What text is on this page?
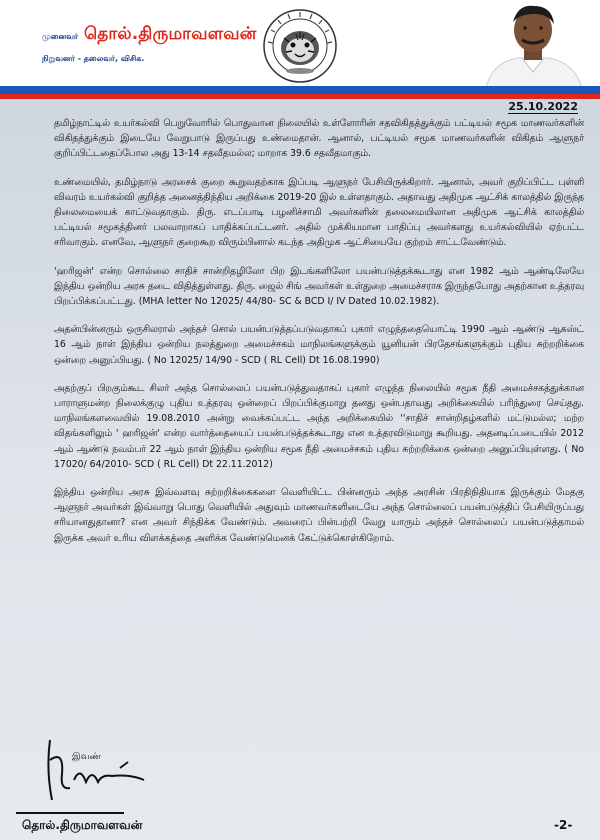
முனைவர் தொல்.திருமாவளவன்
நிறுவனர் - தலைவர், விசிக.
25.10.2022

தமிழ்நாட்டில் உயர்கல்வி பெறுவோரில் பொதுவான நிலையில் உள்ளோரின் சதவிகிதத்துக்கும் பட்டியல் சமூக மாணவர்களின் விகிதத்துக்கும் இடையே வேறுபாடு இருப்பது உண்மைதான். ஆனால், பட்டியல் சமூக மாணவர்களின் விகிதம் ஆளுநர் குறிப்பிட்டதைப்போல அது 13-14 சதவீதமல்ல; மாறாக 39.6 சதவீதமாகும்.

உண்மையில், தமிழ்நாடு அரசைக் குறை கூறுவதற்காக இப்படி ஆளுநர் பேசியிருக்கிறார். ஆனால், அவர் குறிப்பிட்ட புள்ளி விவரம் உயர்கல்வி குறித்த அனைத்திந்திய அறிக்கை 2019-20 இல் உள்ளதாகும். அதாவது அதிமுக ஆட்சிக் காலத்தில் இருந்த நிலைமையைக் காட்டுவதாகும். திரு. எடப்பாடி பழனிச்சாமி அவர்களின் தலைமையிலான அதிமுக ஆட்சிக் காலத்தில் பட்டியல் சமூகத்தினர் பலவாறாகப் பாதிக்கப்பட்டனர். அதில் முக்கியமான பாதிப்பு அவர்களது உயர்கல்வியில் ஏற்பட்ட சரிவாகும். எனவே, ஆளுநர் குறைகூற விரும்பினால் கடந்த அதிமுக ஆட்சியையே குற்றம் சாட்டவேண்டும்.

'ஹரிஜன்' என்ற சொல்லை சாதிச் சான்றிதழிலோ பிற இடங்களிலோ பயன்படுத்தக்கூடாது என 1982 ஆம் ஆண்டிலேயே இந்திய ஒன்றிய அரசு தடை விதித்துள்ளது. திரு. ஜைல் சிங் அவர்கள் உள்துறை அமைச்சராக இருந்தபோது அதற்கான உத்தரவு பிறப்பிக்கப்பட்டது. (MHA letter No 12025/ 44/80- SC & BCD I/ IV Dated 10.02.1982).

அதன்பின்னரும் ஒருசிலரால் அந்தச் சொல் பயன்படுத்தப்படுவதாகப் புகார் எழுந்ததையொட்டி 1990 ஆம் ஆண்டு ஆகஸ்ட் 16 ஆம் நாள் இந்திய ஒன்றிய நலத்துறை அமைச்சகம் மாநிலங்களுக்கும் யூனியன் பிரதேசங்களுக்கும் புதிய சுற்றறிக்கை ஒன்றை அனுப்பியது. ( No 12025/ 14/90 - SCD ( RL Cell) Dt 16.08.1990)

அதற்குப் பிறகும்கூட சிலர் அந்த சொல்லைப் பயன்படுத்துவதாகப் புகார் எழுந்த நிலையில் சமூக நீதி அமைச்சகத்துக்கான பாராளுமன்ற நிலைக்குழு புதிய உத்தரவு ஒன்றைப் பிறப்பிக்குமாறு தனது ஒன்பதாவது அறிக்கையில் பரிந்துரை செய்தது. மாநிலங்களவையில் 19.08.2010 அன்று வைக்கப்பட்ட அந்த அறிக்கையில் ''சாதிச் சான்றிதழ்களில் மட்டுமல்ல; மற்ற விதங்களிலும் ' ஹரிஜன்' என்ற வார்த்தையைப் பயன்படுத்தக்கூடாது என உத்தரவிடுமாறு கூறியது. அதனடிப்படையில் 2012 ஆம் ஆண்டு நவம்பர் 22 ஆம் நாள் இந்திய ஒன்றிய சமூக நீதி அமைச்சகம் புதிய சுற்றறிக்கை ஒன்றை அனுப்பியுள்ளது. ( No 17020/ 64/2010- SCD ( RL Cell) Dt 22.11.2012)

இந்திய ஒன்றிய அரசு இவ்வளவு சுற்றறிக்கைகளை வெளியிட்ட பின்னரும் அந்த அரசின் பிரதிநிதியாக இருக்கும் மேதகு ஆளுநர் அவர்கள் இவ்வாறு பொது வெளியில் அதுவும் மாணவர்களிடையே அந்த சொல்லைப் பயன்படுத்திப் பேசியிருப்பது சரியானதுதானா? என அவர் சிந்திக்க வேண்டும். அவரைப் பின்பற்றி வேறு யாரும் அந்தச் சொல்லைப் பயன்படுத்தாமல் இருக்க அவர் உரிய விளக்கத்தை அளிக்க வேண்டுமெனக் கேட்டுக்கொள்கிறோம்.

இவண்
தொல்.திருமாவளவன்	-2-
